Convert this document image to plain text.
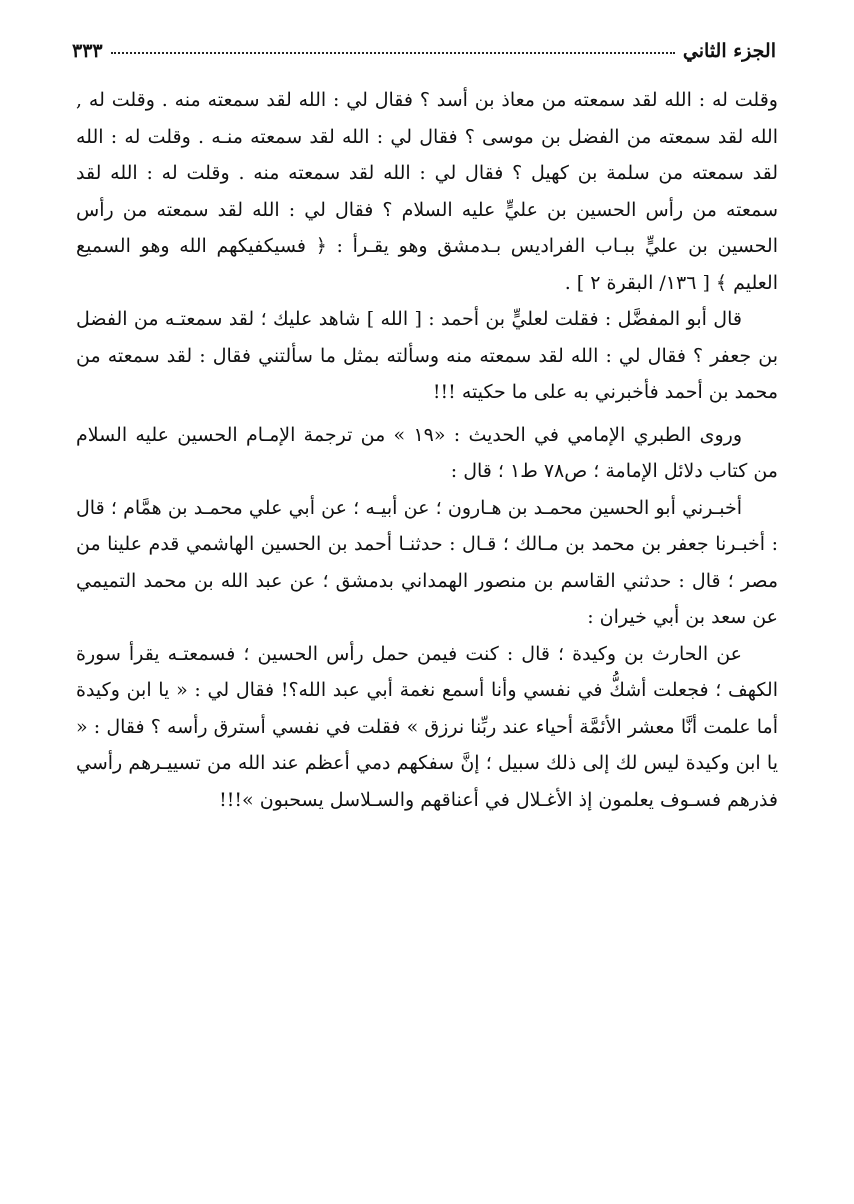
الجزء الثاني
٣٣٣

وقلت له : الله لقد سمعته من معاذ بن أسد ؟ فقال لي : الله لقد سمعته منه . وقلت له , الله لقد سمعته من الفضل بن موسى ؟ فقال لي : الله لقد سمعته منـه . وقلت له : الله لقد سمعته من سلمة بن كهيل ؟ فقال لي : الله لقد سمعته منه . وقلت له : الله لقد سمعته من رأس الحسين بن عليٍّ عليه السلام ؟ فقال لي : الله لقد سمعته من رأس الحسين بن عليٍّ ببـاب الفراديس بـدمشق وهو يقـرأ : ﴿ فسيكفيكهم الله وهو السميع العليم ﴾ [ ١٣٦/ البقرة ٢ ] .

قال أبو المفضَّل : فقلت لعليٍّ بن أحمد : [ الله ] شاهد عليك ؛ لقد سمعتـه من الفضل بن جعفر ؟ فقال لي : الله لقد سمعته منه وسألته بمثل ما سألتني فقال : لقد سمعته من محمد بن أحمد فأخبرني به على ما حكيته !!!

وروى الطبري الإمامي في الحديث : «١٩ » من ترجمة الإمـام الحسين عليه السلام من كتاب دلائل الإمامة ؛ ص٧٨ ط١ ؛ قال :

أخبـرني أبو الحسين محمـد بن هـارون ؛ عن أبيـه ؛ عن أبي علي محمـد بن همَّام ؛ قال : أخبـرنا جعفر بن محمد بن مـالك ؛ قـال : حدثنـا أحمد بن الحسين الهاشمي قدم علينا من مصر ؛ قال : حدثني القاسم بن منصور الهمداني بدمشق ؛ عن عبد الله بن محمد التميمي عن سعد بن أبي خيران :

عن الحارث بن وكيدة ؛ قال : كنت فيمن حمل رأس الحسين ؛ فسمعتـه يقرأ سورة الكهف ؛ فجعلت أشكُّ في نفسي وأنا أسمع نغمة أبي عبد الله؟! فقال لي : « يا ابن وكيدة أما علمت أنَّا معشر الأئمَّة أحياء عند ربِّنا نرزق » فقلت في نفسي أسترق رأسه ؟ فقال : « يا ابن وكيدة ليس لك إلى ذلك سبيل ؛ إنَّ سفكهم دمي أعظم عند الله من تسييـرهم رأسي فذرهم فسـوف يعلمون إذ الأغـلال في أعناقهم والسـلاسل يسحبون »!!!
